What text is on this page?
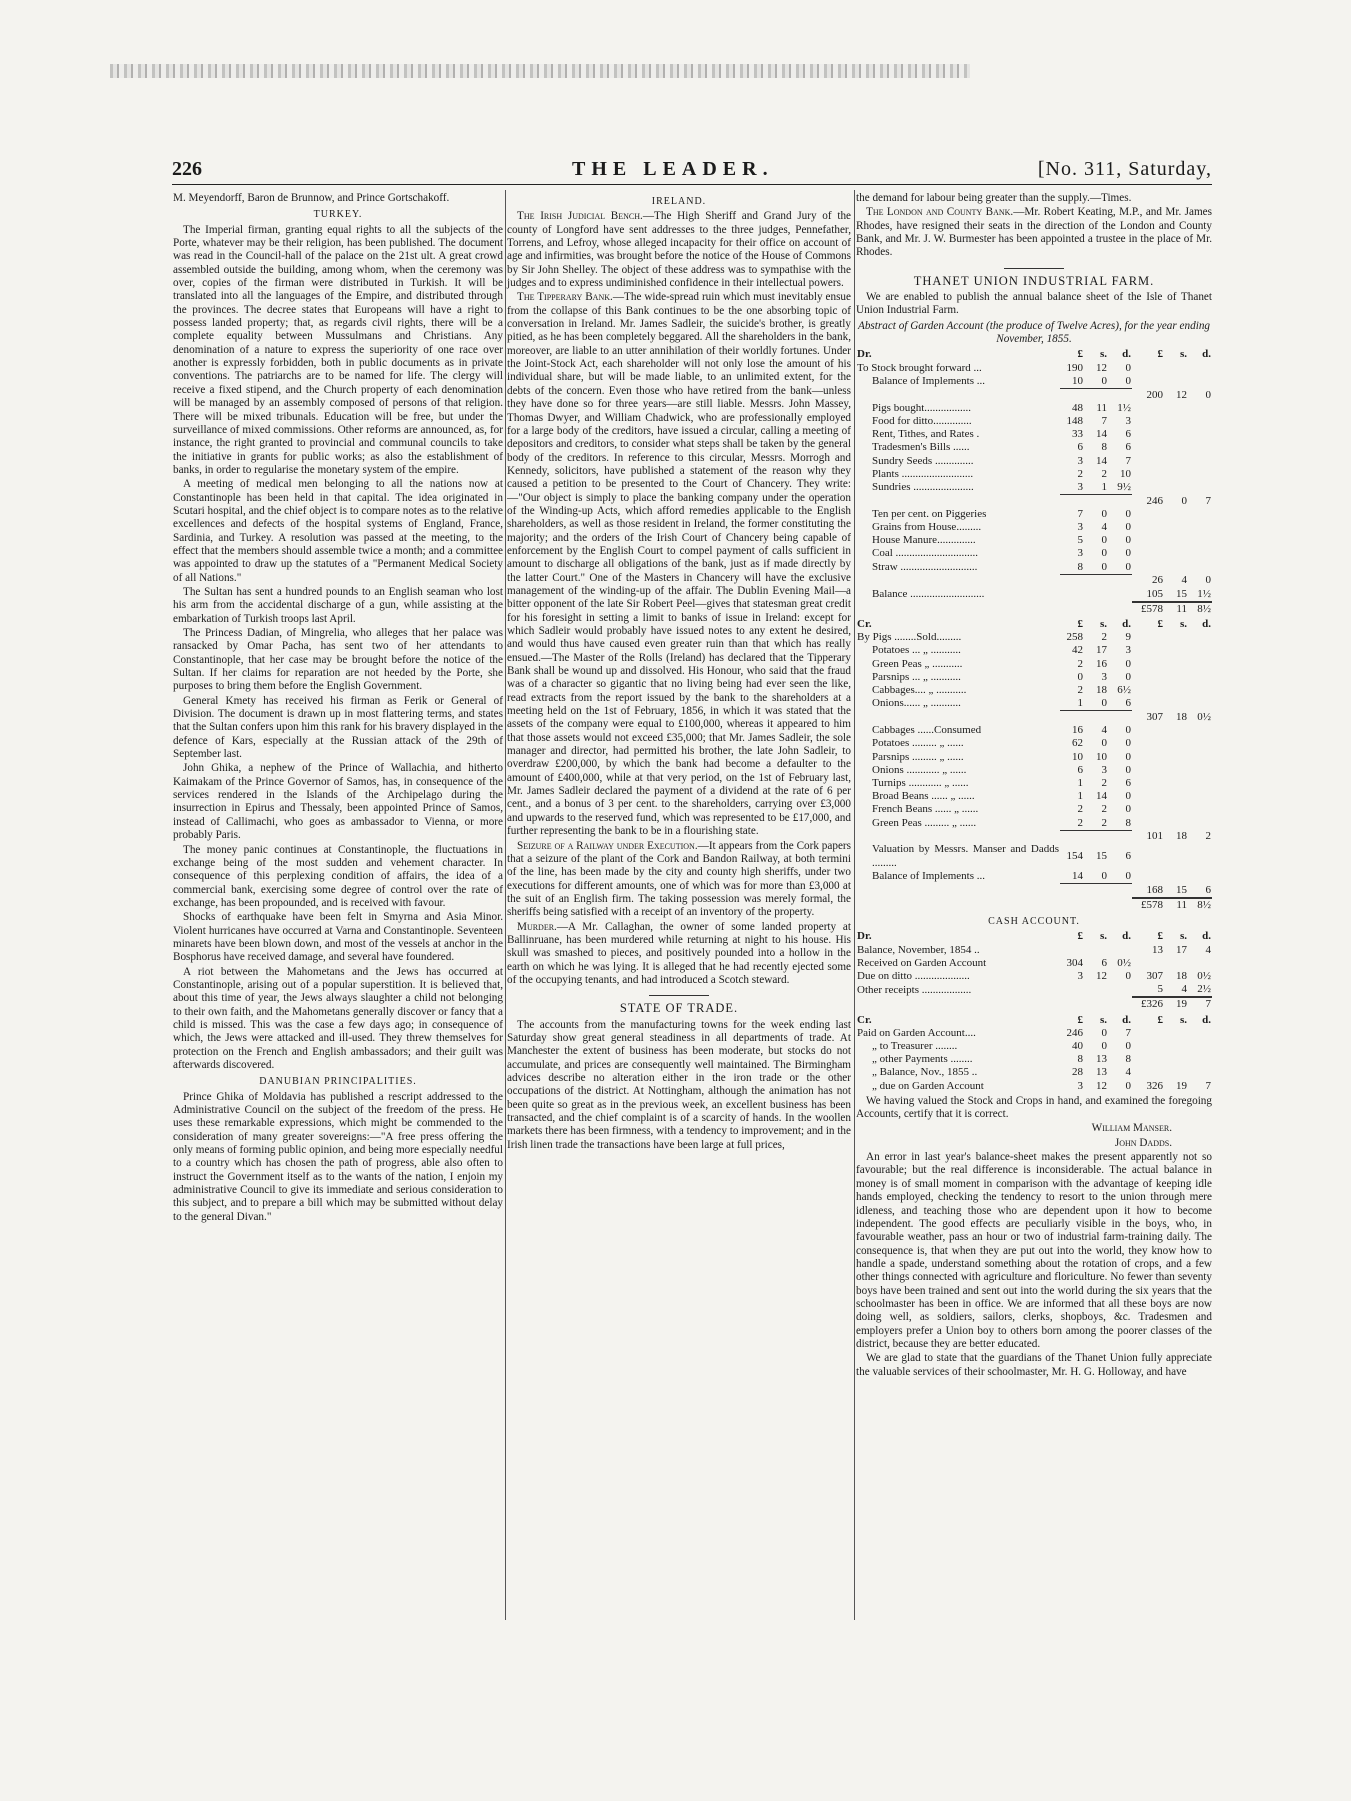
226	THE LEADER.	[No. 311, Saturday,

M. Meyendorff, Baron de Brunnow, and Prince Gortschakoff.

TURKEY.

The Imperial firman, granting equal rights to all the subjects of the Porte, whatever may be their religion, has been published. The document was read in the Council-hall of the palace on the 21st ult. A great crowd assembled outside the building, among whom, when the ceremony was over, copies of the firman were distributed in Turkish. It will be translated into all the languages of the Empire, and distributed through the provinces. The decree states that Europeans will have a right to possess landed property; that, as regards civil rights, there will be a complete equality between Mussulmans and Christians. Any denomination of a nature to express the superiority of one race over another is expressly forbidden, both in public documents as in private conventions. The patriarchs are to be named for life. The clergy will receive a fixed stipend, and the Church property of each denomination will be managed by an assembly composed of persons of that religion. There will be mixed tribunals. Education will be free, but under the surveillance of mixed commissions. Other reforms are announced, as, for instance, the right granted to provincial and communal councils to take the initiative in grants for public works; as also the establishment of banks, in order to regularise the monetary system of the empire.

A meeting of medical men belonging to all the nations now at Constantinople has been held in that capital. The idea originated in Scutari hospital, and the chief object is to compare notes as to the relative excellences and defects of the hospital systems of England, France, Sardinia, and Turkey. A resolution was passed at the meeting, to the effect that the members should assemble twice a month; and a committee was appointed to draw up the statutes of a "Permanent Medical Society of all Nations."

The Sultan has sent a hundred pounds to an English seaman who lost his arm from the accidental discharge of a gun, while assisting at the embarkation of Turkish troops last April.

The Princess Dadian, of Mingrelia, who alleges that her palace was ransacked by Omar Pacha, has sent two of her attendants to Constantinople, that her case may be brought before the notice of the Sultan. If her claims for reparation are not heeded by the Porte, she purposes to bring them before the English Government.

General Kmety has received his firman as Ferik or General of Division. The document is drawn up in most flattering terms, and states that the Sultan confers upon him this rank for his bravery displayed in the defence of Kars, especially at the Russian attack of the 29th of September last.

John Ghika, a nephew of the Prince of Wallachia, and hitherto Kaimakam of the Prince Governor of Samos, has, in consequence of the services rendered in the Islands of the Archipelago during the insurrection in Epirus and Thessaly, been appointed Prince of Samos, instead of Callimachi, who goes as ambassador to Vienna, or more probably Paris.

The money panic continues at Constantinople, the fluctuations in exchange being of the most sudden and vehement character. In consequence of this perplexing condition of affairs, the idea of a commercial bank, exercising some degree of control over the rate of exchange, has been propounded, and is received with favour.

Shocks of earthquake have been felt in Smyrna and Asia Minor. Violent hurricanes have occurred at Varna and Constantinople. Seventeen minarets have been blown down, and most of the vessels at anchor in the Bosphorus have received damage, and several have foundered.

A riot between the Mahometans and the Jews has occurred at Constantinople, arising out of a popular superstition. It is believed that, about this time of year, the Jews always slaughter a child not belonging to their own faith, and the Mahometans generally discover or fancy that a child is missed. This was the case a few days ago; in consequence of which, the Jews were attacked and ill-used. They threw themselves for protection on the French and English ambassadors; and their guilt was afterwards discovered.

DANUBIAN PRINCIPALITIES.

Prince Ghika of Moldavia has published a rescript addressed to the Administrative Council on the subject of the freedom of the press. He uses these remarkable expressions, which might be commended to the consideration of many greater sovereigns:—"A free press offering the only means of forming public opinion, and being more especially needful to a country which has chosen the path of progress, able also often to instruct the Government itself as to the wants of the nation, I enjoin my administrative Council to give its immediate and serious consideration to this subject, and to prepare a bill which may be submitted without delay to the general Divan."

IRELAND.

The Irish Judicial Bench.—The High Sheriff and Grand Jury of the county of Longford have sent addresses to the three judges, Pennefather, Torrens, and Lefroy, whose alleged incapacity for their office on account of age and infirmities, was brought before the notice of the House of Commons by Sir John Shelley. The object of these address was to sympathise with the judges and to express undiminished confidence in their intellectual powers.

The Tipperary Bank.—The wide-spread ruin which must inevitably ensue from the collapse of this Bank continues to be the one absorbing topic of conversation in Ireland. Mr. James Sadleir, the suicide's brother, is greatly pitied, as he has been completely beggared. All the shareholders in the bank, moreover, are liable to an utter annihilation of their worldly fortunes. Under the Joint-Stock Act, each shareholder will not only lose the amount of his individual share, but will be made liable, to an unlimited extent, for the debts of the concern. Even those who have retired from the bank—unless they have done so for three years—are still liable. Messrs. John Massey, Thomas Dwyer, and William Chadwick, who are professionally employed for a large body of the creditors, have issued a circular, calling a meeting of depositors and creditors, to consider what steps shall be taken by the general body of the creditors. In reference to this circular, Messrs. Morrogh and Kennedy, solicitors, have published a statement of the reason why they caused a petition to be presented to the Court of Chancery. They write:—"Our object is simply to place the banking company under the operation of the Winding-up Acts, which afford remedies applicable to the English shareholders, as well as those resident in Ireland, the former constituting the majority; and the orders of the Irish Court of Chancery being capable of enforcement by the English Court to compel payment of calls sufficient in amount to discharge all obligations of the bank, just as if made directly by the latter Court." One of the Masters in Chancery will have the exclusive management of the winding-up of the affair. The Dublin Evening Mail—a bitter opponent of the late Sir Robert Peel—gives that statesman great credit for his foresight in setting a limit to banks of issue in Ireland: except for which Sadleir would probably have issued notes to any extent he desired, and would thus have caused even greater ruin than that which has really ensued.—The Master of the Rolls (Ireland) has declared that the Tipperary Bank shall be wound up and dissolved. His Honour, who said that the fraud was of a character so gigantic that no living being had ever seen the like, read extracts from the report issued by the bank to the shareholders at a meeting held on the 1st of February, 1856, in which it was stated that the assets of the company were equal to £100,000, whereas it appeared to him that those assets would not exceed £35,000; that Mr. James Sadleir, the sole manager and director, had permitted his brother, the late John Sadleir, to overdraw £200,000, by which the bank had become a defaulter to the amount of £400,000, while at that very period, on the 1st of February last, Mr. James Sadleir declared the payment of a dividend at the rate of 6 per cent., and a bonus of 3 per cent. to the shareholders, carrying over £3,000 and upwards to the reserved fund, which was represented to be £17,000, and further representing the bank to be in a flourishing state.

Seizure of a Railway under Execution.—It appears from the Cork papers that a seizure of the plant of the Cork and Bandon Railway, at both termini of the line, has been made by the city and county high sheriffs, under two executions for different amounts, one of which was for more than £3,000 at the suit of an English firm. The taking possession was merely formal, the sheriffs being satisfied with a receipt of an inventory of the property.

Murder.—A Mr. Callaghan, the owner of some landed property at Ballinruane, has been murdered while returning at night to his house. His skull was smashed to pieces, and positively pounded into a hollow in the earth on which he was lying. It is alleged that he had recently ejected some of the occupying tenants, and had introduced a Scotch steward.

STATE OF TRADE.

The accounts from the manufacturing towns for the week ending last Saturday show great general steadiness in all departments of trade. At Manchester the extent of business has been moderate, but stocks do not accumulate, and prices are consequently well maintained. The Birmingham advices describe no alteration either in the iron trade or the other occupations of the district. At Nottingham, although the animation has not been quite so great as in the previous week, an excellent business has been transacted, and the chief complaint is of a scarcity of hands. In the woollen markets there has been firmness, with a tendency to improvement; and in the Irish linen trade the transactions have been large at full prices,

the demand for labour being greater than the supply.—Times.

The London and County Bank.—Mr. Robert Keating, M.P., and Mr. James Rhodes, have resigned their seats in the direction of the London and County Bank, and Mr. J. W. Burmester has been appointed a trustee in the place of Mr. Rhodes.

THANET UNION INDUSTRIAL FARM.

We are enabled to publish the annual balance sheet of the Isle of Thanet Union Industrial Farm.

Abstract of Garden Account (the produce of Twelve Acres), for the year ending November, 1855.

Dr.	£	s.	d.	£	s.	d.
To Stock brought forward ...	190	12	0			
Balance of Implements ...	10	0	0			
				200	12	0
Pigs bought.................	48	11	1½			
Food for ditto..............	148	7	3			
Rent, Tithes, and Rates .	33	14	6			
Tradesmen's Bills ......	6	8	6			
Sundry Seeds ..............	3	14	7			
Plants ..........................	2	2	10			
Sundries ......................	3	1	9½			
				246	0	7
Ten per cent. on Piggeries	7	0	0			
Grains from House.........	3	4	0			
House Manure..............	5	0	0			
Coal ..............................	3	0	0			
Straw ............................	8	0	0			
				26	4	0
Balance ...........................				105	15	1½
				£578	11	8½
Cr.	£	s.	d.	£	s.	d.
By Pigs ........Sold.........	258	2	9			
Potatoes ... „ ...........	42	17	3			
Green Peas „ ...........	2	16	0			
Parsnips ... „ ...........	0	3	0			
Cabbages.... „ ...........	2	18	6½			
Onions...... „ ...........	1	0	6			
				307	18	0½
Cabbages ......Consumed	16	4	0			
Potatoes ......... „ ......	62	0	0			
Parsnips ......... „ ......	10	10	0			
Onions ............ „ ......	6	3	0			
Turnips ............ „ ......	1	2	6			
Broad Beans ...... „ ......	1	14	0			
French Beans ...... „ ......	2	2	0			
Green Peas ......... „ ......	2	2	8			
				101	18	2
Valuation by Messrs. Manser and Dadds .........	154	15	6			
Balance of Implements ...	14	0	0			
				168	15	6
				£578	11	8½

CASH ACCOUNT.

Dr.	£	s.	d.	£	s.	d.
Balance, November, 1854 ..				13	17	4
Received on Garden Account	304	6	0½			
Due on ditto ....................	3	12	0	307	18	0½
Other receipts ..................				5	4	2½
				£326	19	7
Cr.	£	s.	d.	£	s.	d.
Paid on Garden Account....	246	0	7			
„ to Treasurer ........	40	0	0			
„ other Payments ........	8	13	8			
„ Balance, Nov., 1855 ..	28	13	4			
„ due on Garden Account	3	12	0	326	19	7

We having valued the Stock and Crops in hand, and examined the foregoing Accounts, certify that it is correct.

William Manser.

John Dadds.

An error in last year's balance-sheet makes the present apparently not so favourable; but the real difference is inconsiderable. The actual balance in money is of small moment in comparison with the advantage of keeping idle hands employed, checking the tendency to resort to the union through mere idleness, and teaching those who are dependent upon it how to become independent. The good effects are peculiarly visible in the boys, who, in favourable weather, pass an hour or two of industrial farm-training daily. The consequence is, that when they are put out into the world, they know how to handle a spade, understand something about the rotation of crops, and a few other things connected with agriculture and floriculture. No fewer than seventy boys have been trained and sent out into the world during the six years that the schoolmaster has been in office. We are informed that all these boys are now doing well, as soldiers, sailors, clerks, shopboys, &c. Tradesmen and employers prefer a Union boy to others born among the poorer classes of the district, because they are better educated.

We are glad to state that the guardians of the Thanet Union fully appreciate the valuable services of their schoolmaster, Mr. H. G. Holloway, and have
